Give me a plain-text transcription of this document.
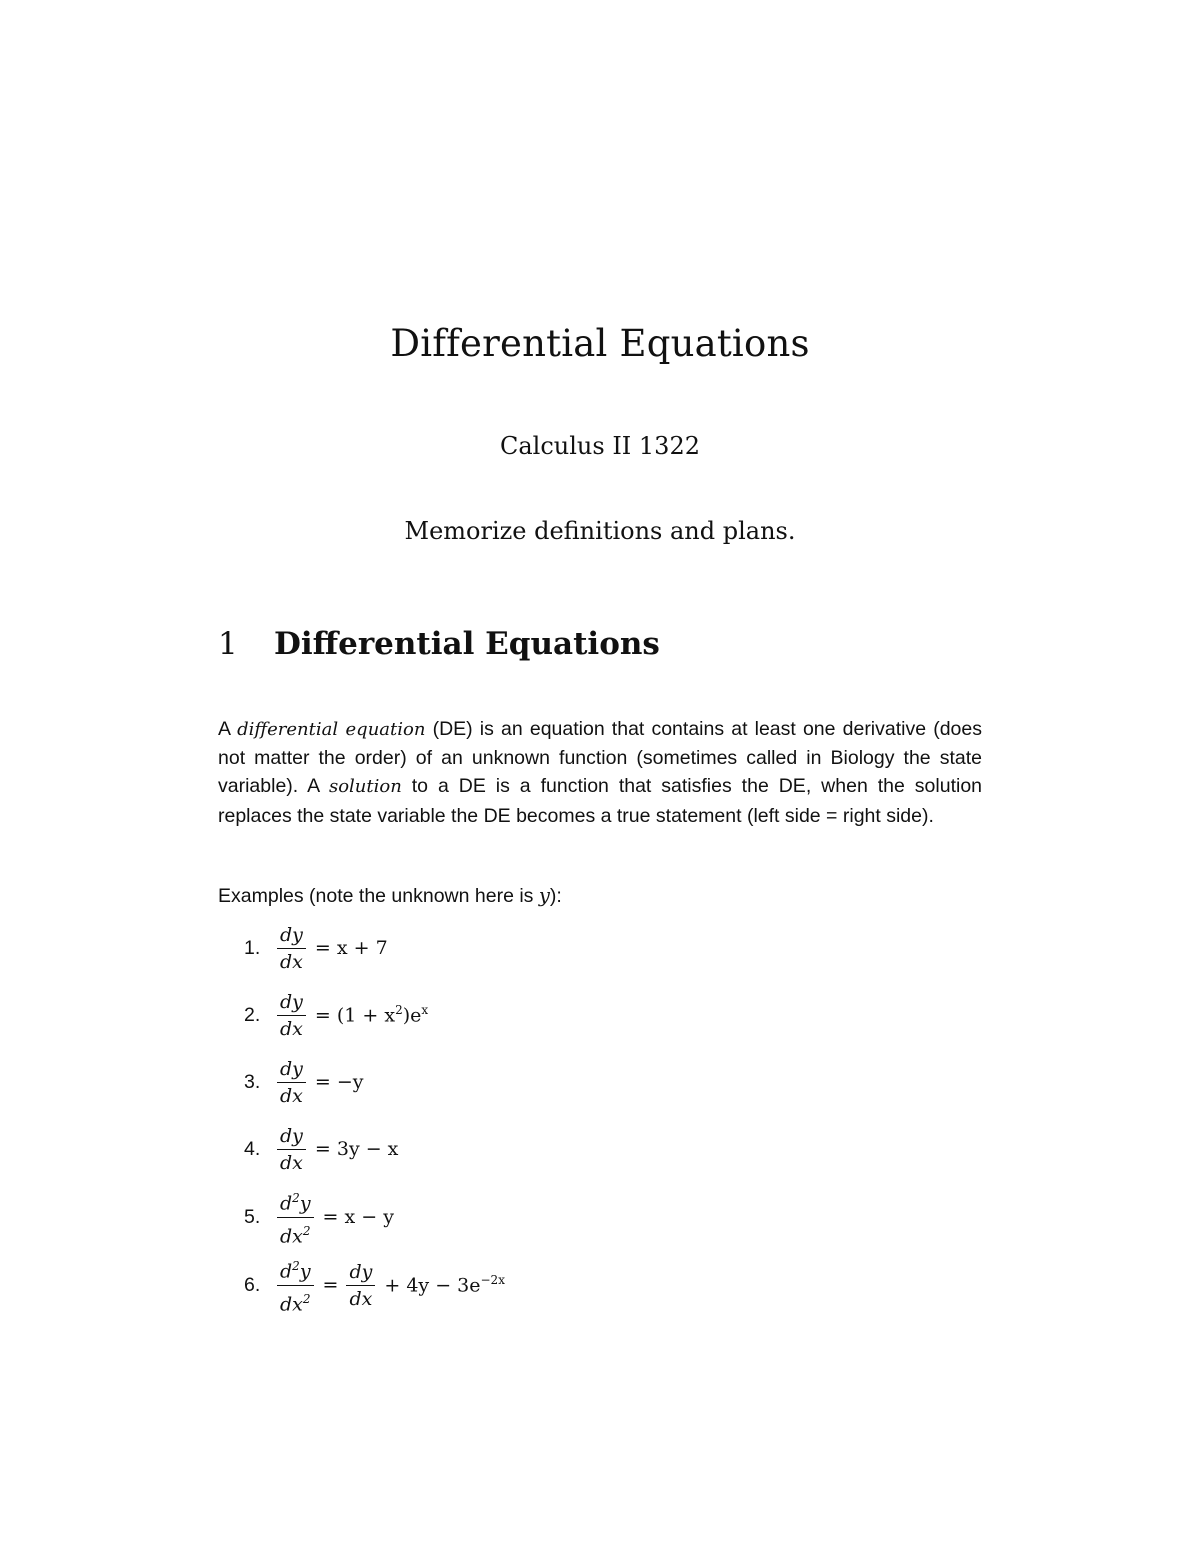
Differential Equations

Calculus II 1322

Memorize definitions and plans.

1 Differential Equations

A differential equation (DE) is an equation that contains at least one derivative (does not matter the order) of an unknown function (sometimes called in Biology the state variable). A solution to a DE is a function that satisfies the DE, when the solution replaces the state variable the DE becomes a true statement (left side = right side).

Examples (note the unknown here is y):

1. $\frac{dy}{dx} = x + 7$
2. $\frac{dy}{dx} = (1 + x^2)e^x$
3. $\frac{dy}{dx} = -y$
4. $\frac{dy}{dx} = 3y - x$
5. $\frac{d^2y}{dx^2} = x - y$
6. $\frac{d^2y}{dx^2} = \frac{dy}{dx} + 4y - 3e^{-2x}$
